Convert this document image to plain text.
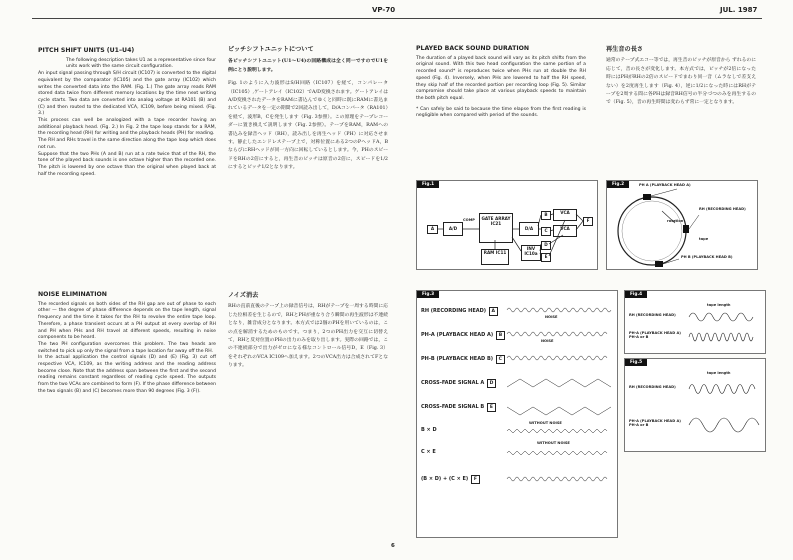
VP-70	JUL. 1987
PITCH SHIFT UNITS (U1–U4)

The following description takes U1 as a representative since four units work with the same circuit configuration.

An input signal passing through S/H circuit (IC107) is converted to the digital equivalent by the comparator (IC105) and the gate array (IC102) which writes the converted data into the RAM. (Fig. 1.) The gate array reads RAM stored data twice from different memory locations by the time next writing cycle starts. Two data are converted into analog voltage at RA101 (B) and (C) and then routed to the dedicated VCA, IC109, before being mixed. (Fig. 3.)

This process can well be analogized with a tape recorder having an additional playback head. (Fig. 2.) In Fig. 2 the tape loop stands for a RAM, the recording head (RH) for writing and the playback heads (PH) for reading.

The RH and RHs travel in the same direction along the tape loop which does not run.

Suppose that the two PHs (A and B) run at a rate twice that of the RH, the tone of the played back sounds is one octave higher than the recorded one. The pitch is lowered by one octave than the original when played back at half the recording speed.

ピッチシフトユニットについて

各ピッチシフトユニット(U1〜U4)の回路構成は全く同一ですのでU1を例にとり説明します。

Fig. 1のように入力波形はS/H回路（IC107）を経て，コンパレータ（IC105）,ゲートアレイ（IC102）でA/D変換されます。ゲートアレイはA/D変換されたデータをRAMに書込んでゆくと同時に既にRAMに書込まれているデータを一定の期間で2回読み出して，D/Aコンバータ（RA101）を経て，波形B，Cを発生します（Fig. 3参照）。この原理をテープレコーダーに置き換えて説明します（Fig. 2参照）。テープをRAM，RAMへの書込みを録音ヘッド（RH），読み出しを再生ヘッド（PH）に対応させます。静止したエンドレステープ上で，対称位置にある2つのPヘッドA，BならびにRHヘッドが同一方向に回転しているとします。今，PHのスピードをRHの2倍にすると，再生音のピッチは原音の2倍に，スピードを1/2にするとピッチ1/2となります。

PLAYED BACK SOUND DURATION

The duration of a played back sound will vary as its pitch shifts from the original sound. With this two head configuration the same portion of a recorded sound* is reproduces twice when PHs run at double the RH speed (Fig. 4). Inversely, when PHs are lowered to half the RH speed, they skip half of the recorded portion per recording loop (Fig. 5). Similar compromise should take place at various playback speeds to maintain the both pitch equal.

* Can safely be said to because the time elapse from the first reading is negligible when compared with period of the sounds.

再生音の長さ

通常のテープ式エコー等では，再生音のピッチが原音から ずれるのに応じて，音の長さが変化します。本方式では，ピッチが2倍になった時にはPHがRHの2倍のスピードでまわり同一音（ムラなしで差支えない）を2度再生します（Fig. 4），逆に1/2になった時にはRHがテープを2周する間に各PHは録音RH信号の半分づつのみを再生するので（Fig. 5），音の再生時間は変わらず常に一定となります。

NOISE ELIMINATION

The recorded signals on both sides of the RH gap are out of phase to each other — the degree of phase difference depends on the tape length, signal frequency and the time it takes for the RH to revolve the entire tape loop. Therefore, a phase transient occurs at a PH output at every overlap of RH and PH when PHs and RH travel at different speeds, resulting in noise components to be heard.

The two PH configuration overcomes this problem. The two heads are switched to pick up only the signal from a tape location far away off the RH.

In the actual application the control signals (D) and (E) (Fig. 3) cut off respective VCA, IC109, as the writing address and the reading address become close. Note that the address span between the first and the second reading remains constant regardless of reading cycle speed. The outputs from the two VCAs are combined to form (F). If the phase difference between the two signals (B) and (C) becomes more than 90 degrees (Fig. 3 (F)).

ノイズ消去

RHの直前直後のテープ上の録音信号は，RHがテープを一周する時間に応じた位相差を生じるので，RHとPHが重なり合う瞬間の再生波形は不連続となり，雑音成分となります。本方式では2個のPHを用いているのは，この点を解消するためのものです。つまり，2つのPH出力を交互に切替えて，RHと反対位置のPHの出力のみを取り出します。実際の回路では，この不連続部分で出力がゼロになる様なコントロール信号D，E（Fig. 3）をそれぞれのVCA IC109へ加えます。2つのVCA出力は合成されてFとなります。

Fig.1
A	A/D
COMP	GATE ARRAY IC21
D/A
B
C
VCA
VCA
F
RAM IC11
INV IC10a
D
E
Fig.2	PH A (PLAYBACK HEAD A)
RH (RECORDING HEAD)
tape
rotation
PH B (PLAYBACK HEAD B)
Fig.3
RH (RECORDING HEAD) A
PH-A (PLAYBACK HEAD A) B
PH-B (PLAYBACK HEAD B) C
CROSS-FADE SIGNAL A D
CROSS-FADE SIGNAL B E
B × D
C × E
(B × D) + (C × E) F
NOISE
NOISE
WITHOUT NOISE
WITHOUT NOISE
Fig.4
tape length
RH (RECORDING HEAD)
PH-A (PLAYBACK HEAD A) PH-A or B
Fig.5
tape length
RH (RECORDING HEAD)
PH-A (PLAYBACK HEAD A) PH-A or B
6
